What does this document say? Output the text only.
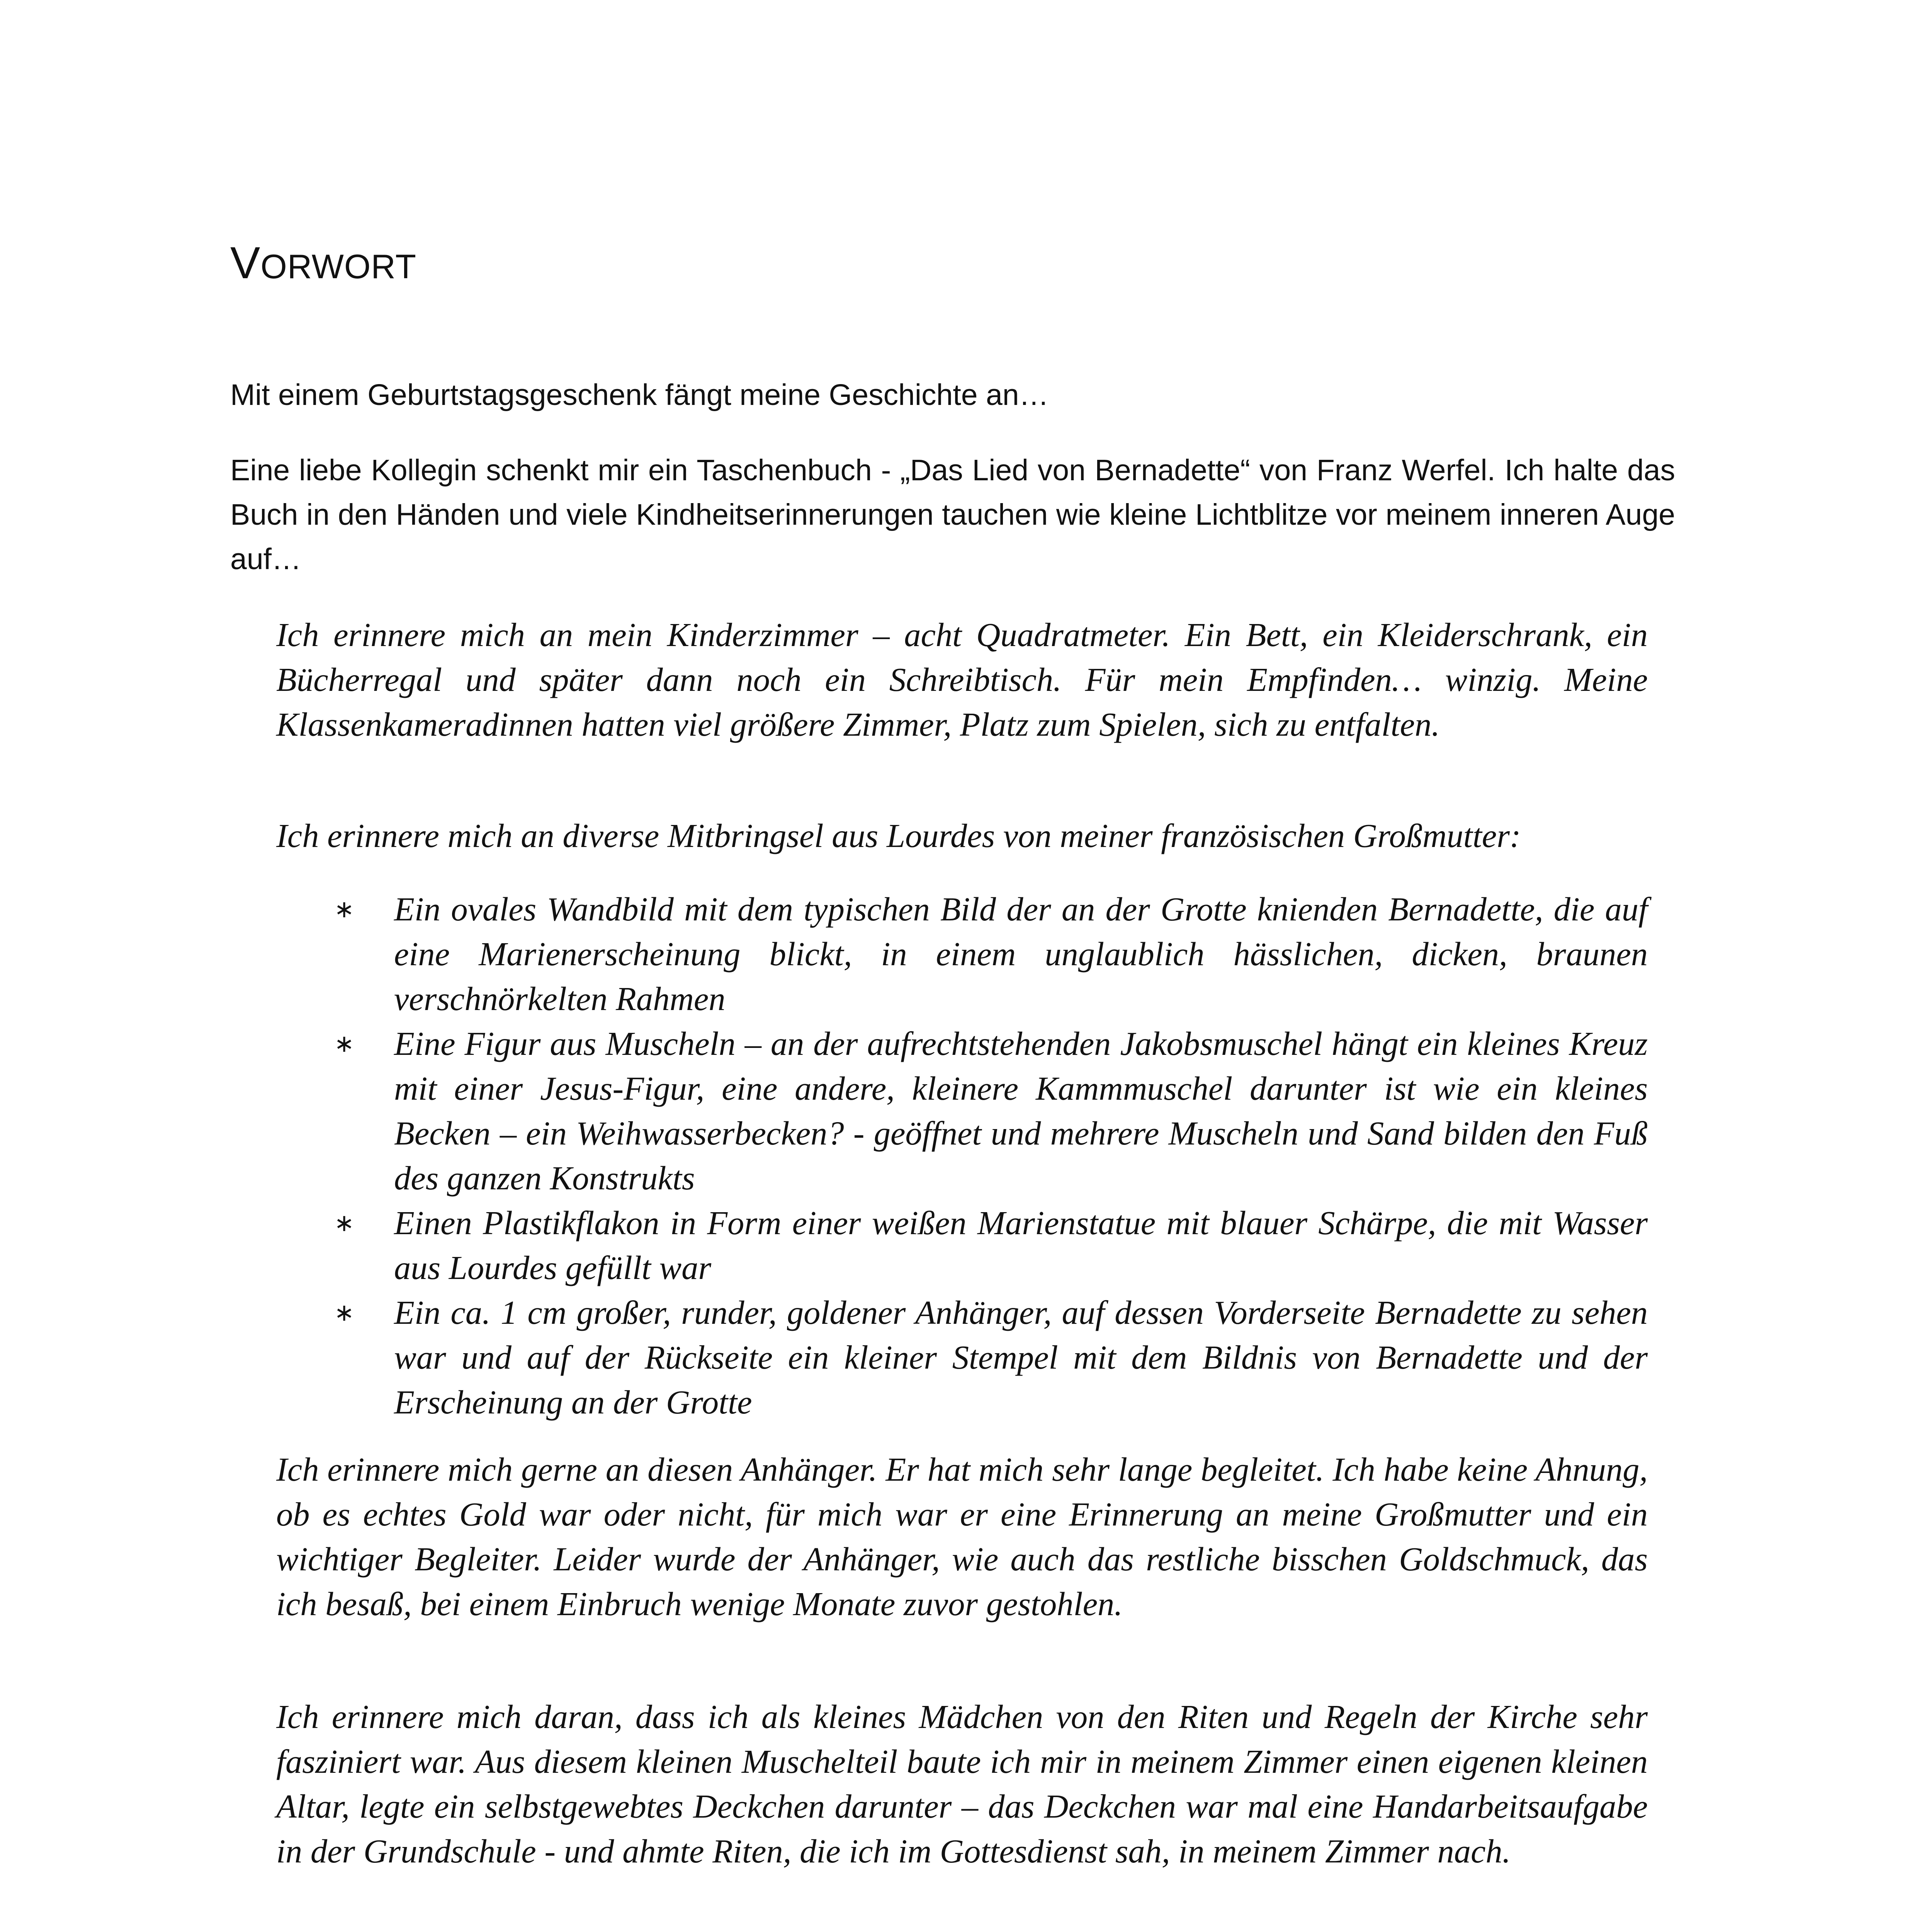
VORWORT

Mit einem Geburtstagsgeschenk fängt meine Geschichte an…

Eine liebe Kollegin schenkt mir ein Taschenbuch - „Das Lied von Bernadette“ von Franz Werfel. Ich halte das Buch in den Händen und viele Kindheitserinnerungen tauchen wie kleine Lichtblitze vor meinem inneren Auge auf…

Ich erinnere mich an mein Kinderzimmer – acht Quadratmeter. Ein Bett, ein Kleiderschrank, ein Bücherregal und später dann noch ein Schreibtisch. Für mein Empfinden… winzig. Meine Klassenkameradinnen hatten viel größere Zimmer, Platz zum Spielen, sich zu entfalten.

Ich erinnere mich an diverse Mitbringsel aus Lourdes von meiner französischen Großmutter:

∗ Ein ovales Wandbild mit dem typischen Bild der an der Grotte knienden Bernadette, die auf eine Marienerscheinung blickt, in einem unglaublich hässlichen, dicken, braunen verschnörkelten Rahmen
∗ Eine Figur aus Muscheln – an der aufrechtstehenden Jakobsmuschel hängt ein kleines Kreuz mit einer Jesus-Figur, eine andere, kleinere Kammmuschel darunter ist wie ein kleines Becken – ein Weihwasserbecken? - geöffnet und mehrere Muscheln und Sand bilden den Fuß des ganzen Konstrukts
∗ Einen Plastikflakon in Form einer weißen Marienstatue mit blauer Schärpe, die mit Wasser aus Lourdes gefüllt war
∗ Ein ca. 1 cm großer, runder, goldener Anhänger, auf dessen Vorderseite Bernadette zu sehen war und auf der Rückseite ein kleiner Stempel mit dem Bildnis von Bernadette und der Erscheinung an der Grotte

Ich erinnere mich gerne an diesen Anhänger. Er hat mich sehr lange begleitet. Ich habe keine Ahnung, ob es echtes Gold war oder nicht, für mich war er eine Erinnerung an meine Großmutter und ein wichtiger Begleiter. Leider wurde der Anhänger, wie auch das restliche bisschen Goldschmuck, das ich besaß, bei einem Einbruch wenige Monate zuvor gestohlen.

Ich erinnere mich daran, dass ich als kleines Mädchen von den Riten und Regeln der Kirche sehr fasziniert war. Aus diesem kleinen Muschelteil baute ich mir in meinem Zimmer einen eigenen kleinen Altar, legte ein selbstgewebtes Deckchen darunter – das Deckchen war mal eine Handarbeitsaufgabe in der Grundschule - und ahmte Riten, die ich im Gottesdienst sah, in meinem Zimmer nach.
